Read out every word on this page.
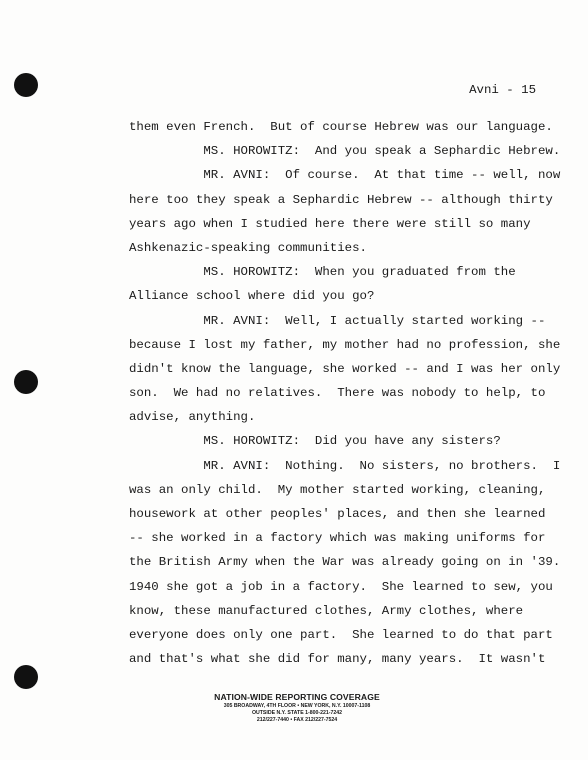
Avni - 15
them even French.  But of course Hebrew was our language.
MS. HOROWITZ:  And you speak a Sephardic Hebrew.
MR. AVNI:  Of course.  At that time -- well, now
here too they speak a Sephardic Hebrew -- although thirty
years ago when I studied here there were still so many
Ashkenazic-speaking communities.
MS. HOROWITZ:  When you graduated from the
Alliance school where did you go?
MR. AVNI:  Well, I actually started working --
because I lost my father, my mother had no profession, she
didn't know the language, she worked -- and I was her only
son.  We had no relatives.  There was nobody to help, to
advise, anything.
MS. HOROWITZ:  Did you have any sisters?
MR. AVNI:  Nothing.  No sisters, no brothers.  I
was an only child.  My mother started working, cleaning,
housework at other peoples' places, and then she learned
-- she worked in a factory which was making uniforms for
the British Army when the War was already going on in '39.
1940 she got a job in a factory.  She learned to sew, you
know, these manufactured clothes, Army clothes, where
everyone does only one part.  She learned to do that part
and that's what she did for many, many years.  It wasn't
NATION-WIDE REPORTING COVERAGE
305 BROADWAY, 4TH FLOOR • NEW YORK, N.Y. 10007-1108
OUTSIDE N.Y. STATE 1-800-221-7242
212/227-7440 • FAX 212/227-7524
